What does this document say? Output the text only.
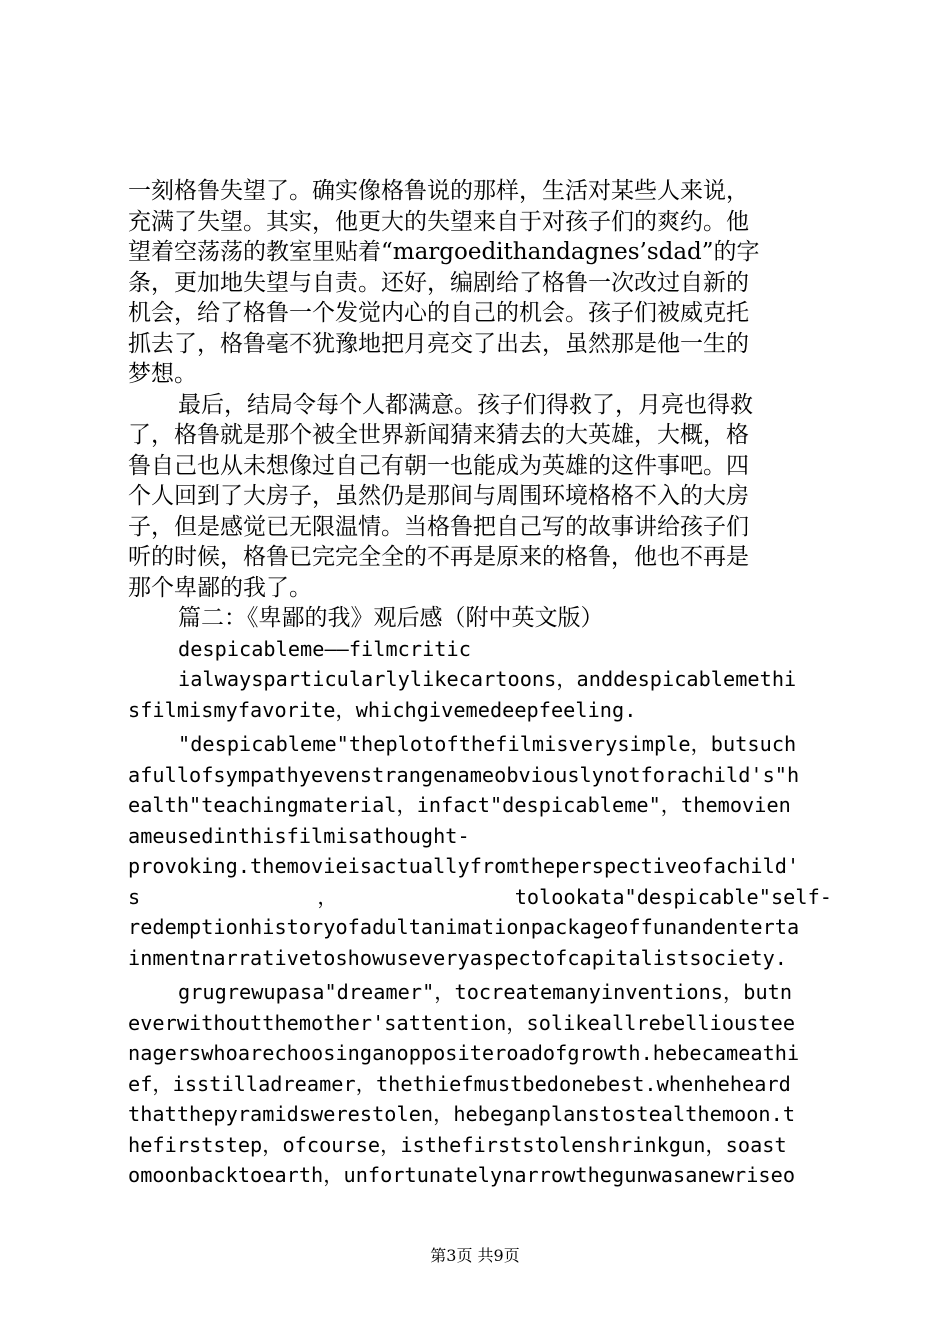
一刻格鲁失望了。确实像格鲁说的那样，生活对某些人来说，
充满了失望。其实，他更大的失望来自于对孩子们的爽约。他
望着空荡荡的教室里贴着“margoedithandagnes’sdad”的字
条，更加地失望与自责。还好，编剧给了格鲁一次改过自新的
机会，给了格鲁一个发觉内心的自己的机会。孩子们被威克托
抓去了，格鲁毫不犹豫地把月亮交了出去，虽然那是他一生的
梦想。
最后，结局令每个人都满意。孩子们得救了，月亮也得救
了，格鲁就是那个被全世界新闻猜来猜去的大英雄，大概，格
鲁自己也从未想像过自己有朝一也能成为英雄的这件事吧。四
个人回到了大房子，虽然仍是那间与周围环境格格不入的大房
子，但是感觉已无限温情。当格鲁把自己写的故事讲给孩子们
听的时候，格鲁已完完全全的不再是原来的格鲁，他也不再是
那个卑鄙的我了。
篇二：《卑鄙的我》观后感（附中英文版）
despicableme——filmcritic
ialwaysparticularlylikecartoons，anddespicablemethi
sfilmismyfavorite，whichgivemedeepfeeling.
"despicableme"theplotofthefilmisverysimple，butsuch
afullofsympathyevenstrangenameobviouslynotforachild's"h
ealth"teachingmaterial，infact"despicableme"，themovien
ameusedinthisfilmisathought-
provoking.themovieisactuallyfromtheperspectiveofachild'
s	，	tolookata"despicable"self-
redemptionhistoryofadultanimationpackageoffunandenterta
inmentnarrativetoshowuseveryaspectofcapitalistsociety.
grugrewupasa"dreamer"，tocreatemanyinventions，butn
everwithoutthemother'sattention，solikeallrebellioustee
nagerswhoarechoosinganoppositeroadofgrowth.hebecameathi
ef，isstilladreamer，thethiefmustbedonebest.whenheheard
thatthepyramidswerestolen，hebeganplanstostealthemoon.t
hefirststep，ofcourse，isthefirststolenshrinkgun，soast
omoonbacktoearth，unfortunatelynarrowthegunwasanewriseo
第3页 共9页
